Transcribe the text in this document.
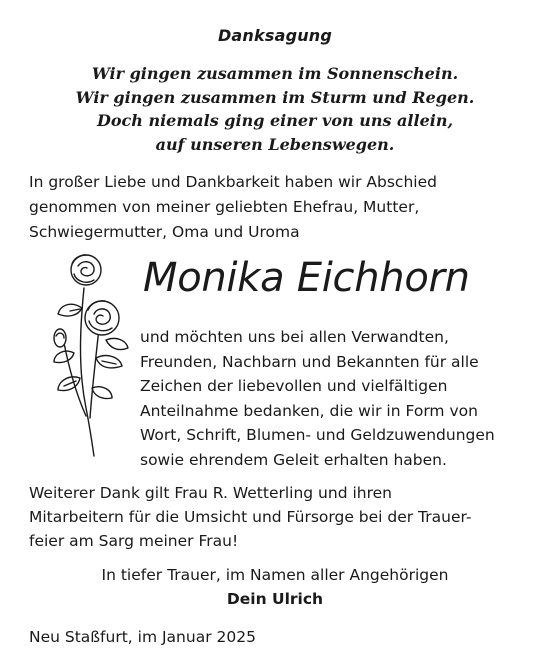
Danksagung
Wir gingen zusammen im Sonnenschein.
Wir gingen zusammen im Sturm und Regen.
Doch niemals ging einer von uns allein,
auf unseren Lebenswegen.
In großer Liebe und Dankbarkeit haben wir Abschied
genommen von meiner geliebten Ehefrau, Mutter,
Schwiegermutter, Oma und Uroma
Monika Eichhorn
und möchten uns bei allen Verwandten,
Freunden, Nachbarn und Bekannten für alle
Zeichen der liebevollen und vielfältigen
Anteilnahme bedanken, die wir in Form von
Wort, Schrift, Blumen- und Geldzuwendungen
sowie ehrendem Geleit erhalten haben.
Weiterer Dank gilt Frau R. Wetterling und ihren
Mitarbeitern für die Umsicht und Fürsorge bei der Trauer-
feier am Sarg meiner Frau!
In tiefer Trauer, im Namen aller Angehörigen
Dein Ulrich
Neu Staßfurt, im Januar 2025
